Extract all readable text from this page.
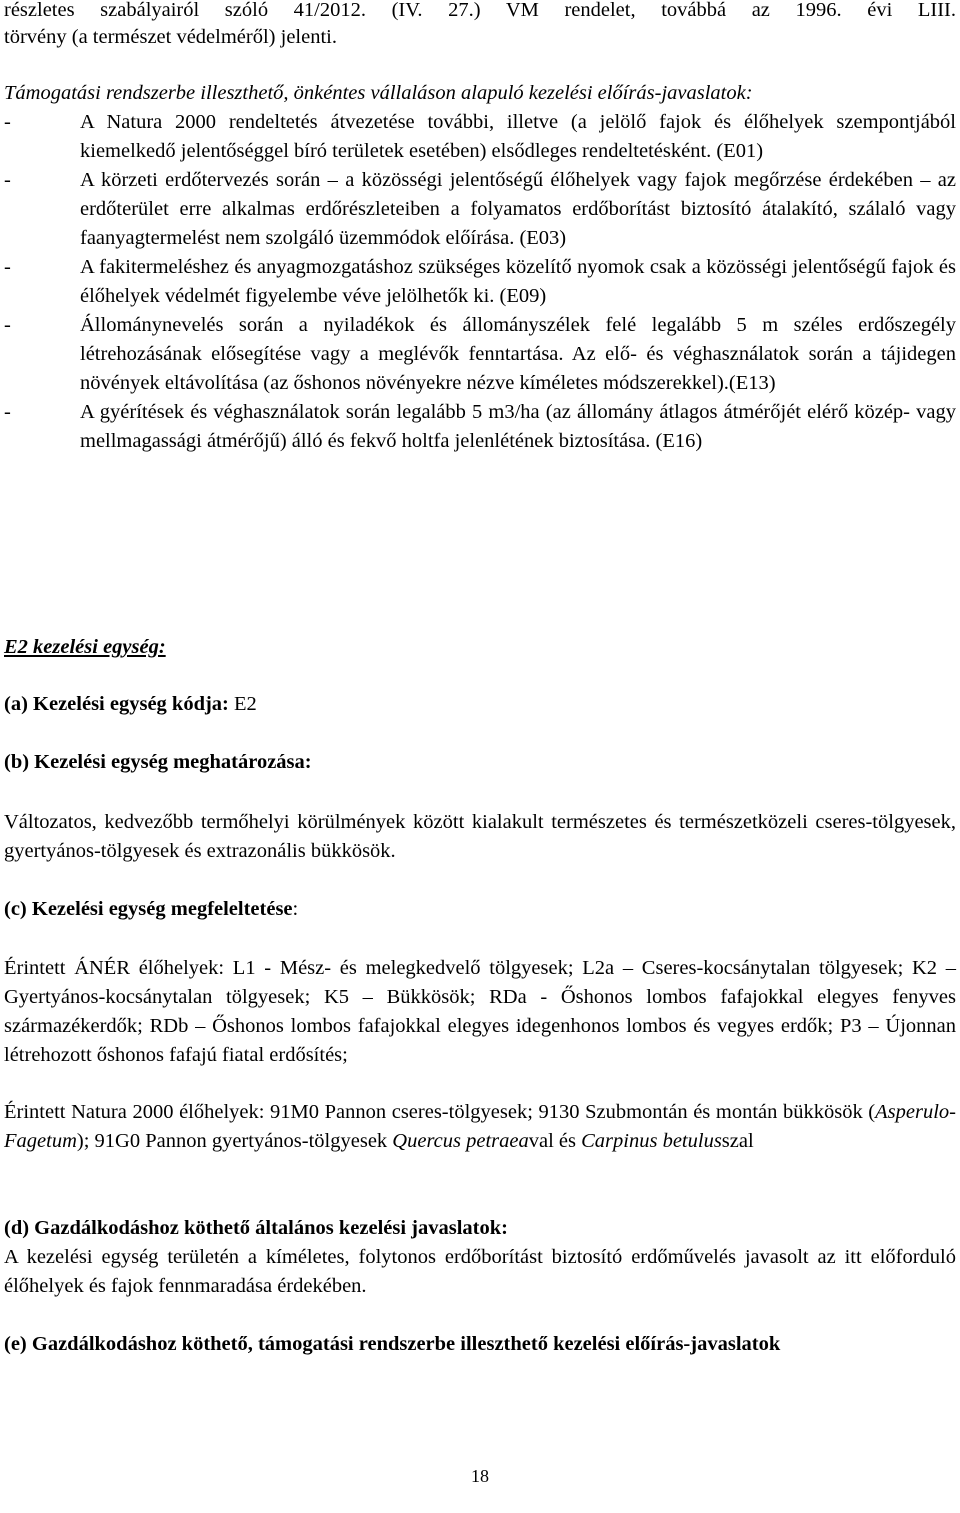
részletes szabályairól szóló 41/2012. (IV. 27.) VM rendelet, továbbá az 1996. évi LIII.
törvény (a természet védelméről) jelenti.
Támogatási rendszerbe illeszthető, önkéntes vállaláson alapuló kezelési előírás-javaslatok:
-	A Natura 2000 rendeltetés átvezetése további, illetve (a jelölő fajok és élőhelyek szempontjából kiemelkedő jelentőséggel bíró területek esetében) elsődleges rendeltetésként. (E01)
-	A körzeti erdőtervezés során – a közösségi jelentőségű élőhelyek vagy fajok megőrzése érdekében – az erdőterület erre alkalmas erdőrészleteiben a folyamatos erdőborítást biztosító átalakító, szálaló vagy faanyagtermelést nem szolgáló üzemmódok előírása. (E03)
-	A fakitermeléshez és anyagmozgatáshoz szükséges közelítő nyomok csak a közösségi jelentőségű fajok és élőhelyek védelmét figyelembe véve jelölhetők ki. (E09)
-	Állománynevelés során a nyiladékok és állományszélek felé legalább 5 m széles erdőszegély létrehozásának elősegítése vagy a meglévők fenntartása. Az elő- és véghasználatok során a tájidegen növények eltávolítása (az őshonos növényekre nézve kíméletes módszerekkel).(E13)
-	A gyérítések és véghasználatok során legalább 5 m3/ha (az állomány átlagos átmérőjét elérő közép- vagy mellmagassági átmérőjű) álló és fekvő holtfa jelenlétének biztosítása. (E16)
E2 kezelési egység:
(a) Kezelési egység kódja: E2
(b) Kezelési egység meghatározása:
Változatos, kedvezőbb termőhelyi körülmények között kialakult természetes és természetközeli cseres-tölgyesek, gyertyános-tölgyesek és extrazonális bükkösök.
(c) Kezelési egység megfeleltetése:
Érintett ÁNÉR élőhelyek: L1 - Mész- és melegkedvelő tölgyesek; L2a – Cseres-kocsánytalan tölgyesek; K2 – Gyertyános-kocsánytalan tölgyesek; K5 – Bükkösök; RDa - Őshonos lombos fafajokkal elegyes fenyves származékerdők; RDb – Őshonos lombos fafajokkal elegyes idegenhonos lombos és vegyes erdők; P3 – Újonnan létrehozott őshonos fafajú fiatal erdősítés;
Érintett Natura 2000 élőhelyek: 91M0 Pannon cseres-tölgyesek; 9130 Szubmontán és montán bükkösök (Asperulo-Fagetum); 91G0 Pannon gyertyános-tölgyesek Quercus petraeaval és Carpinus betulusszal
(d) Gazdálkodáshoz köthető általános kezelési javaslatok:
A kezelési egység területén a kíméletes, folytonos erdőborítást biztosító erdőművelés javasolt az itt előforduló élőhelyek és fajok fennmaradása érdekében.
(e) Gazdálkodáshoz köthető, támogatási rendszerbe illeszthető kezelési előírás-javaslatok
18
